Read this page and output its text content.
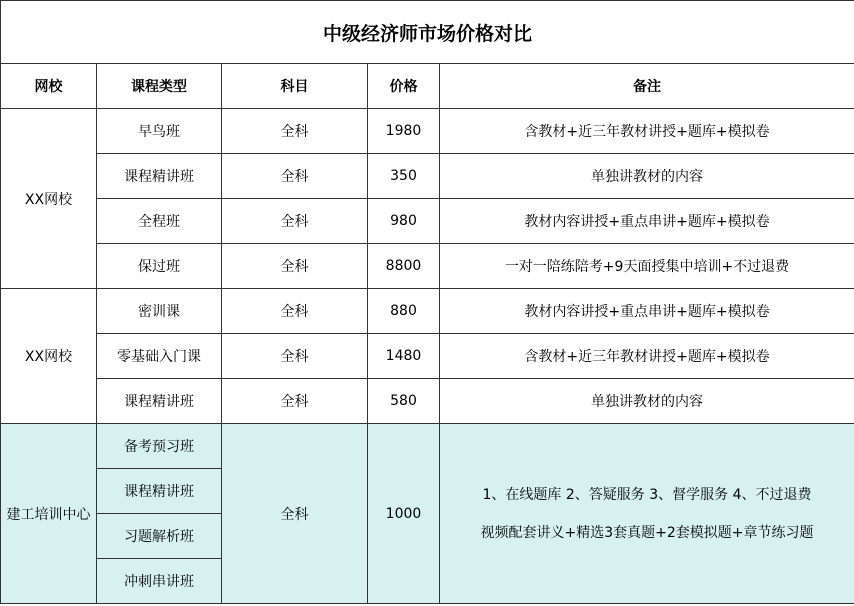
中级经济师市场价格对比				
网校	课程类型	科目	价格	备注
XX网校	早鸟班	全科	1980	含教材+近三年教材讲授+题库+模拟卷
	课程精讲班	全科	350	单独讲教材的内容
	全程班	全科	980	教材内容讲授+重点串讲+题库+模拟卷
	保过班	全科	8800	一对一陪练陪考+9天面授集中培训+不过退费
XX网校	密训课	全科	880	教材内容讲授+重点串讲+题库+模拟卷
	零基础入门课	全科	1480	含教材+近三年教材讲授+题库+模拟卷
	课程精讲班	全科	580	单独讲教材的内容
建工培训中心	备考预习班	全科	1000	1、在线题库 2、答疑服务 3、督学服务 4、不过退费
视频配套讲义+精选3套真题+2套模拟题+章节练习题

	课程精讲班			
	习题解析班			
	冲刺串讲班			
